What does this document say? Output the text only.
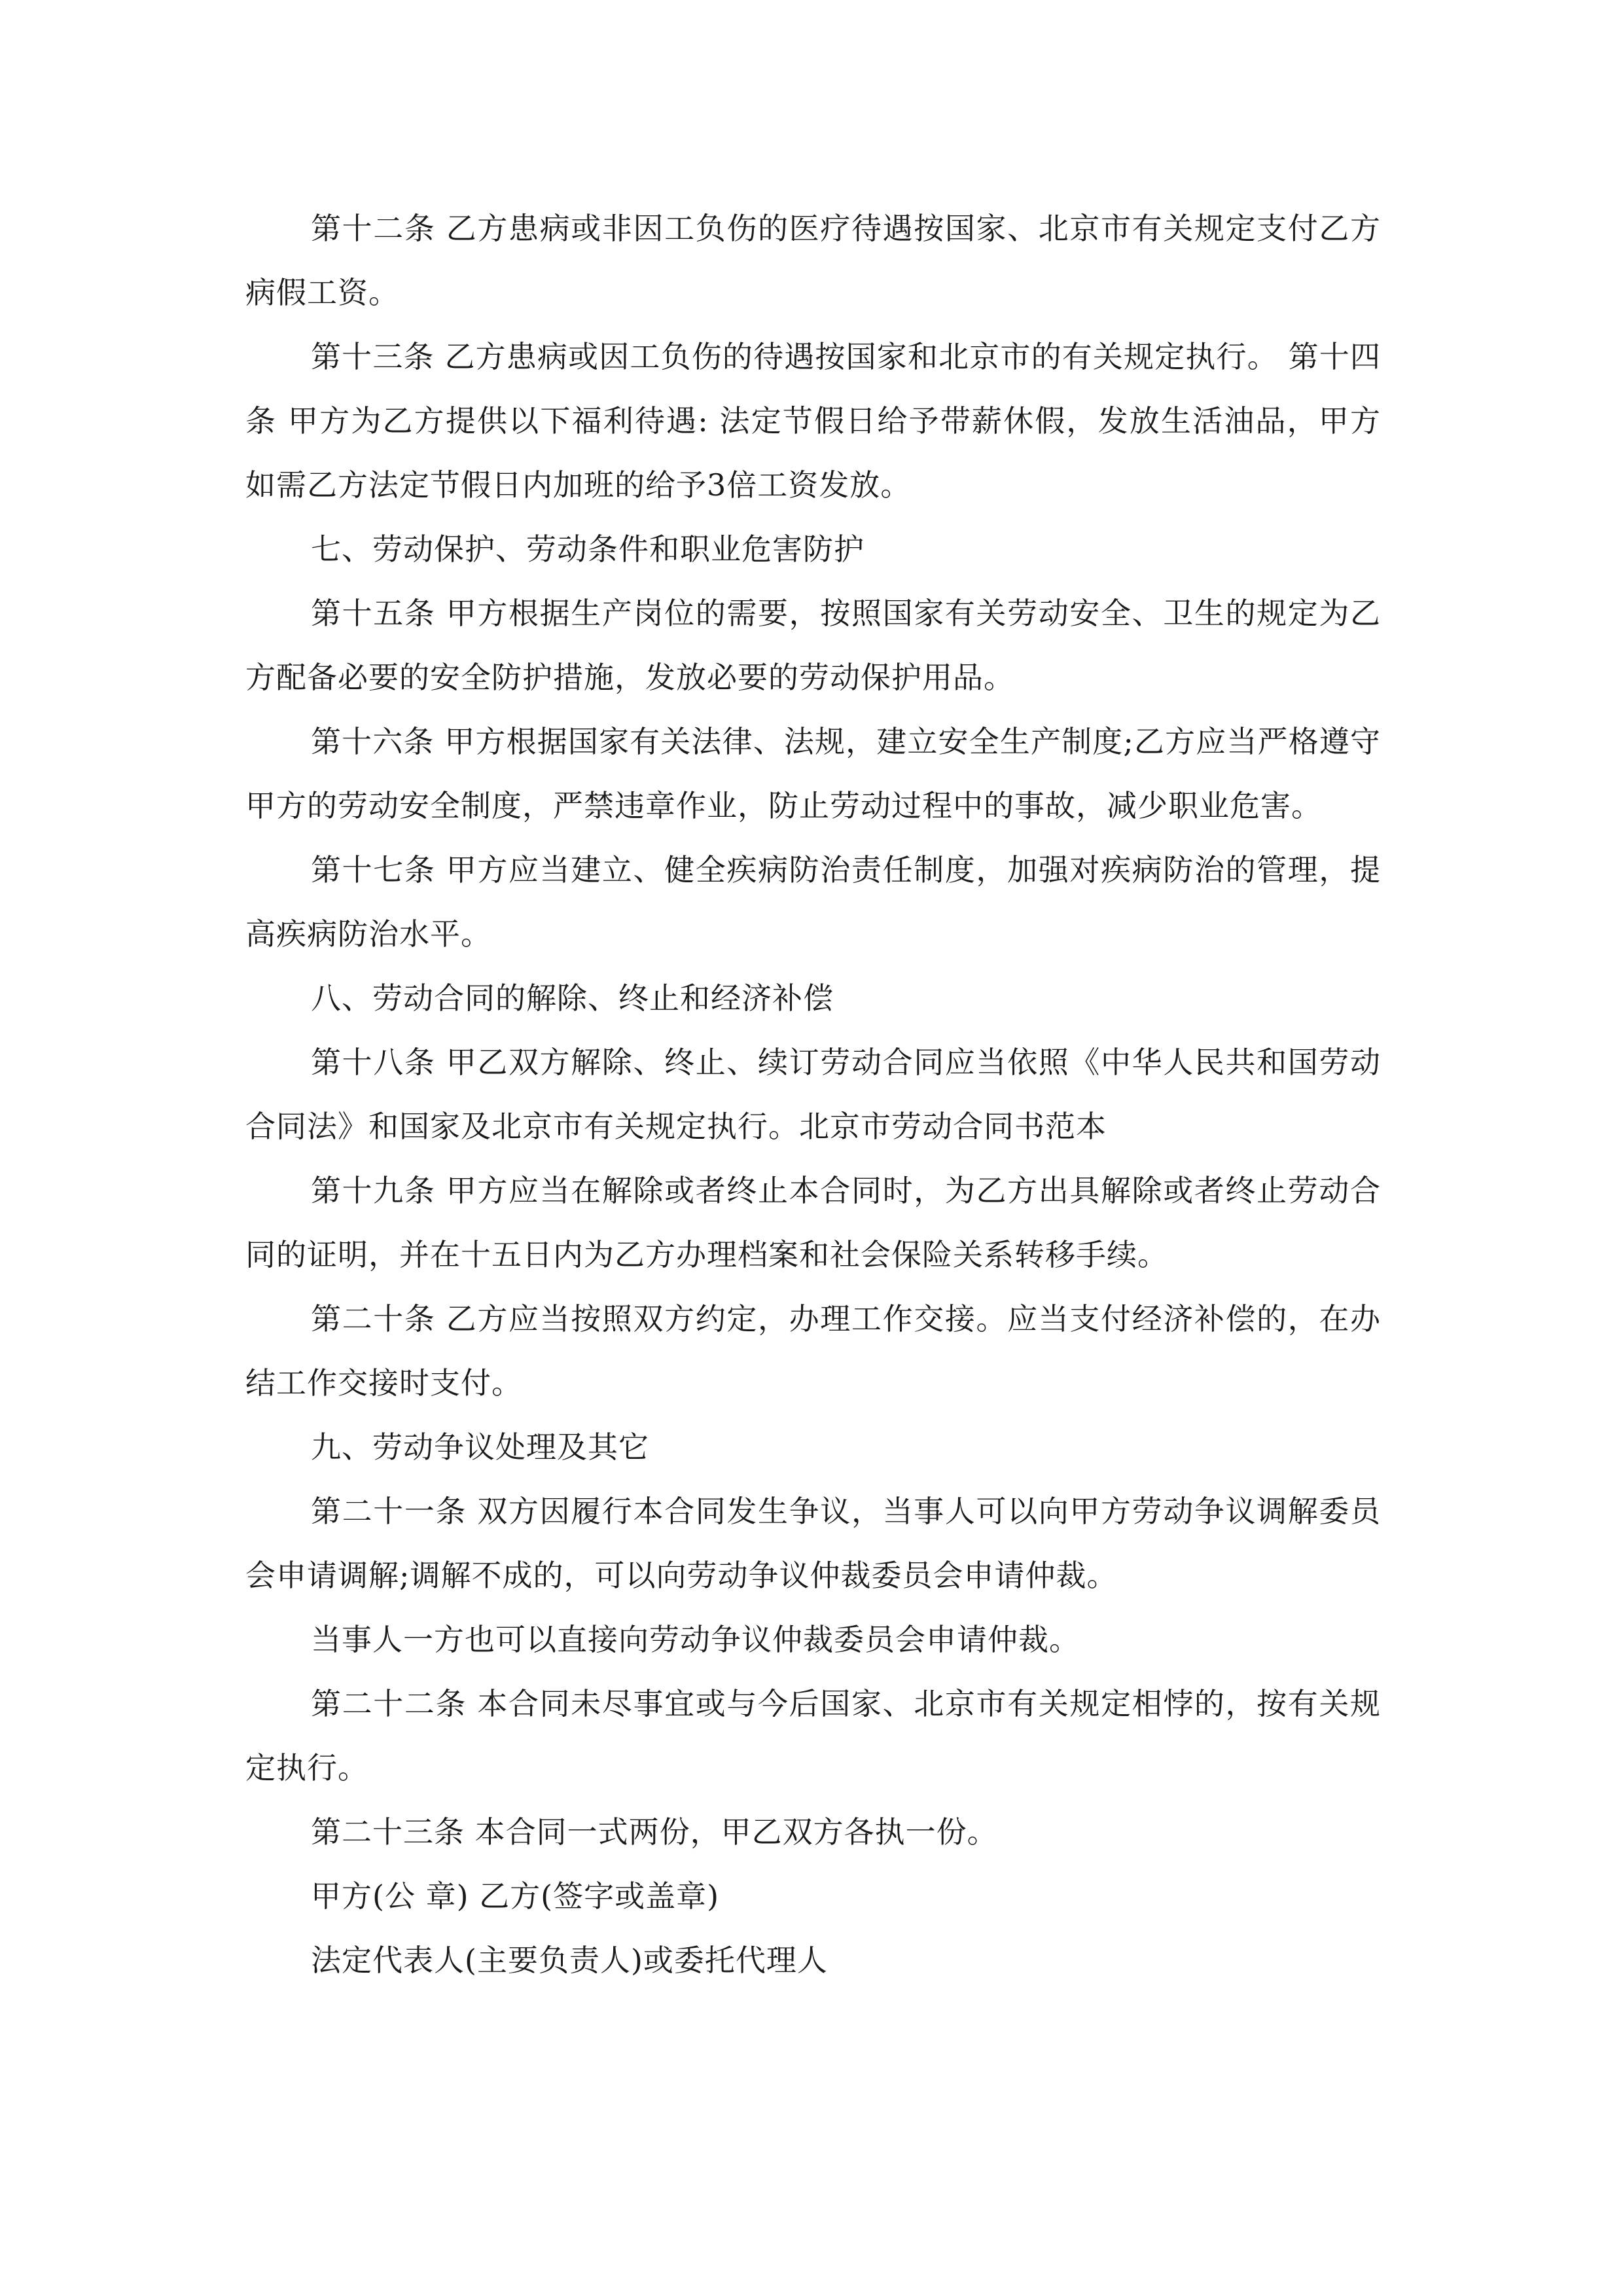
第十二条 乙方患病或非因工负伤的医疗待遇按国家、北京市有关规定支付乙方病假工资。

第十三条 乙方患病或因工负伤的待遇按国家和北京市的有关规定执行。 第十四条 甲方为乙方提供以下福利待遇: 法定节假日给予带薪休假，发放生活油品，甲方如需乙方法定节假日内加班的给予3倍工资发放。

七、劳动保护、劳动条件和职业危害防护

第十五条 甲方根据生产岗位的需要，按照国家有关劳动安全、卫生的规定为乙方配备必要的安全防护措施，发放必要的劳动保护用品。

第十六条 甲方根据国家有关法律、法规，建立安全生产制度;乙方应当严格遵守甲方的劳动安全制度，严禁违章作业，防止劳动过程中的事故，减少职业危害。

第十七条 甲方应当建立、健全疾病防治责任制度，加强对疾病防治的管理，提高疾病防治水平。

八、劳动合同的解除、终止和经济补偿

第十八条 甲乙双方解除、终止、续订劳动合同应当依照《中华人民共和国劳动合同法》和国家及北京市有关规定执行。北京市劳动合同书范本

第十九条 甲方应当在解除或者终止本合同时，为乙方出具解除或者终止劳动合同的证明，并在十五日内为乙方办理档案和社会保险关系转移手续。

第二十条 乙方应当按照双方约定，办理工作交接。应当支付经济补偿的，在办结工作交接时支付。

九、劳动争议处理及其它

第二十一条 双方因履行本合同发生争议，当事人可以向甲方劳动争议调解委员会申请调解;调解不成的，可以向劳动争议仲裁委员会申请仲裁。

当事人一方也可以直接向劳动争议仲裁委员会申请仲裁。

第二十二条 本合同未尽事宜或与今后国家、北京市有关规定相悖的，按有关规定执行。

第二十三条 本合同一式两份，甲乙双方各执一份。

甲方(公 章) 乙方(签字或盖章)

法定代表人(主要负责人)或委托代理人
